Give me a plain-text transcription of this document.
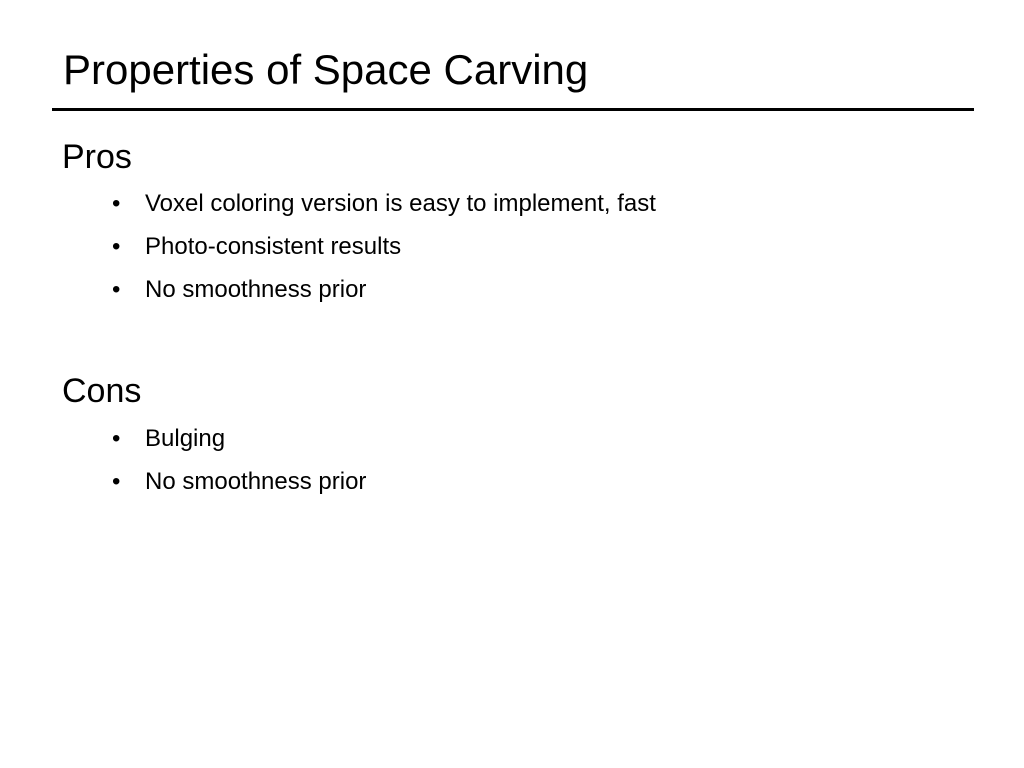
Properties of Space Carving
Pros
• Voxel coloring version is easy to implement, fast
• Photo-consistent results
• No smoothness prior
Cons
• Bulging
• No smoothness prior
